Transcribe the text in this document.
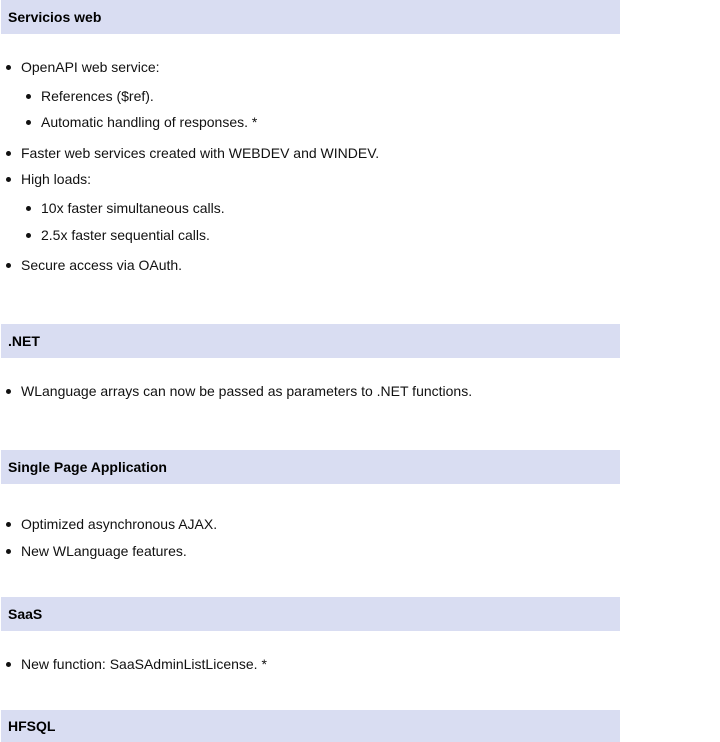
Servicios web
OpenAPI web service:
References ($ref).
Automatic handling of responses. *
Faster web services created with WEBDEV and WINDEV.
High loads:
10x faster simultaneous calls.
2.5x faster sequential calls.
Secure access via OAuth.
.NET
WLanguage arrays can now be passed as parameters to .NET functions.
Single Page Application
Optimized asynchronous AJAX.
New WLanguage features.
SaaS
New function: SaaSAdminListLicense. *
HFSQL
